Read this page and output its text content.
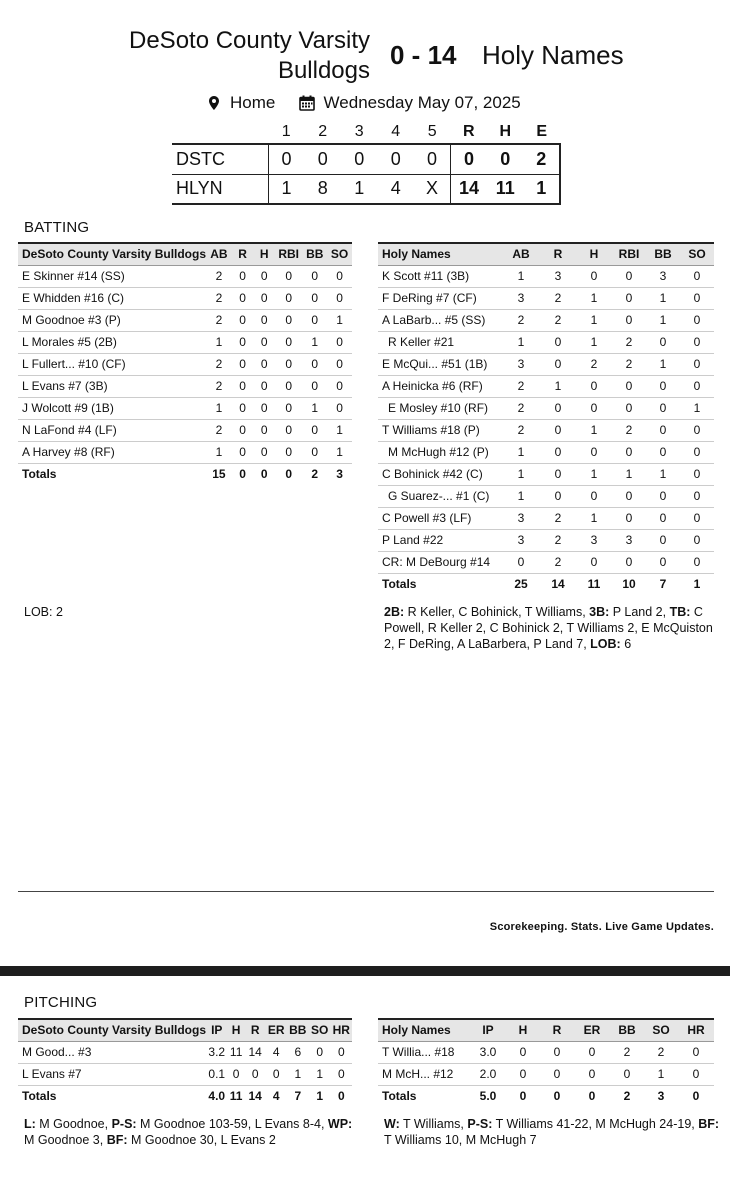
DeSoto County Varsity
Bulldogs
0 - 14 Holy Names
Home	Wednesday May 07, 2025
	1	2	3	4	5	R	H	E
DSTC	0	0	0	0	0	0	0	2
HLYN	1	8	1	4	X	14	11	1
BATTING
DeSoto County Varsity Bulldogs	AB	R	H	RBI	BB	SO
E Skinner #14 (SS)	2	0	0	0	0	0
E Whidden #16 (C)	2	0	0	0	0	0
M Goodnoe #3 (P)	2	0	0	0	0	1
L Morales #5 (2B)	1	0	0	0	1	0
L Fullert... #10 (CF)	2	0	0	0	0	0
L Evans #7 (3B)	2	0	0	0	0	0
J Wolcott #9 (1B)	1	0	0	0	1	0
N LaFond #4 (LF)	2	0	0	0	0	1
A Harvey #8 (RF)	1	0	0	0	0	1
Totals	15	0	0	0	2	3
Holy Names	AB	R	H	RBI	BB	SO
K Scott #11 (3B)	1	3	0	0	3	0
F DeRing #7 (CF)	3	2	1	0	1	0
A LaBarb... #5 (SS)	2	2	1	0	1	0
R Keller #21	1	0	1	2	0	0
E McQui... #51 (1B)	3	0	2	2	1	0
A Heinicka #6 (RF)	2	1	0	0	0	0
E Mosley #10 (RF)	2	0	0	0	0	1
T Williams #18 (P)	2	0	1	2	0	0
M McHugh #12 (P)	1	0	0	0	0	0
C Bohinick #42 (C)	1	0	1	1	1	0
G Suarez-... #1 (C)	1	0	0	0	0	0
C Powell #3 (LF)	3	2	1	0	0	0
P Land #22	3	2	3	3	0	0
CR: M DeBourg #14	0	2	0	0	0	0
Totals	25	14	11	10	7	1
LOB: 2	2B: R Keller, C Bohinick, T Williams, 3B: P Land 2, TB: C Powell, R Keller 2, C Bohinick 2, T Williams 2, E McQuiston 2, F DeRing, A LaBarbera, P Land 7, LOB: 6
Scorekeeping. Stats. Live Game Updates.
PITCHING
DeSoto County Varsity Bulldogs	IP	H	R	ER	BB	SO	HR
M Good... #3	3.2	11	14	4	6	0	0
L Evans #7	0.1	0	0	0	1	1	0
Totals	4.0	11	14	4	7	1	0
Holy Names	IP	H	R	ER	BB	SO	HR
T Willia... #18	3.0	0	0	0	2	2	0
M McH... #12	2.0	0	0	0	0	1	0
Totals	5.0	0	0	0	2	3	0
L: M Goodnoe, P-S: M Goodnoe 103-59, L Evans 8-4, WP: M Goodnoe 3, BF: M Goodnoe 30, L Evans 2
W: T Williams, P-S: T Williams 41-22, M McHugh 24-19, BF: T Williams 10, M McHugh 7
